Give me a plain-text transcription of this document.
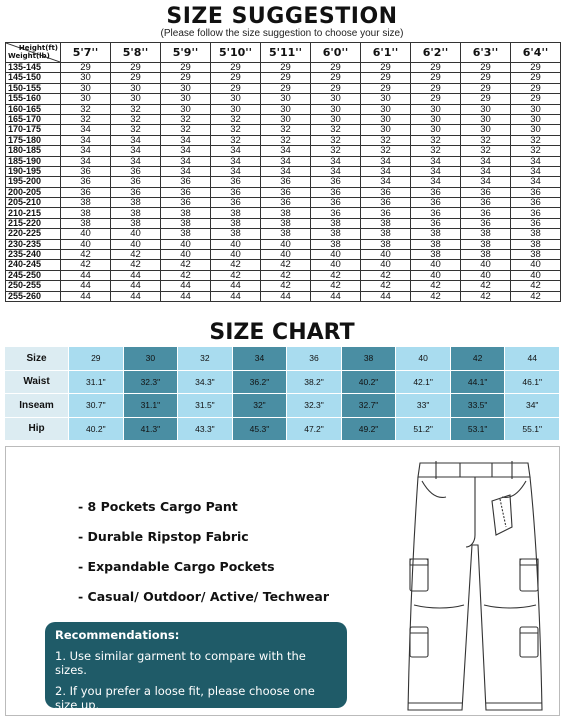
SIZE SUGGESTION
(Please follow the size suggestion to choose your size)
Height(ft)
Weight(lb)	5'7''	5'8''	5'9''	5'10''	5'11''	6'0''	6'1''	6'2''	6'3''	6'4''
135-145	29	29	29	29	29	29	29	29	29	29
145-150	30	29	29	29	29	29	29	29	29	29
150-155	30	30	30	29	29	29	29	29	29	29
155-160	30	30	30	30	30	30	30	29	29	29
160-165	32	32	30	30	30	30	30	30	30	30
165-170	32	32	32	32	30	30	30	30	30	30
170-175	34	32	32	32	32	32	30	30	30	30
175-180	34	34	34	32	32	32	32	32	32	32
180-185	34	34	34	34	34	32	32	32	32	32
185-190	34	34	34	34	34	34	34	34	34	34
190-195	36	36	34	34	34	34	34	34	34	34
195-200	36	36	36	36	36	36	34	34	34	34
200-205	36	36	36	36	36	36	36	36	36	36
205-210	38	38	36	36	36	36	36	36	36	36
210-215	38	38	38	38	38	36	36	36	36	36
215-220	38	38	38	38	38	38	38	36	36	36
220-225	40	40	38	38	38	38	38	38	38	38
230-235	40	40	40	40	40	38	38	38	38	38
235-240	42	42	40	40	40	40	40	38	38	38
240-245	42	42	42	42	42	40	40	40	40	40
245-250	44	44	42	42	42	42	42	40	40	40
250-255	44	44	44	44	42	42	42	42	42	42
255-260	44	44	44	44	44	44	44	42	42	42
SIZE CHART
Size	29	30	32	34	36	38	40	42	44
Waist	31.1"	32.3"	34.3"	36.2"	38.2"	40.2"	42.1"	44.1"	46.1"
Inseam	30.7"	31.1"	31.5"	32"	32.3"	32.7"	33"	33.5"	34"
Hip	40.2"	41.3"	43.3"	45.3"	47.2"	49.2"	51.2"	53.1"	55.1"
- 8 Pockets Cargo Pant
- Durable Ripstop Fabric
- Expandable Cargo Pockets
- Casual/ Outdoor/ Active/ Techwear
Recommendations:
1. Use similar garment to compare with the sizes.
2. If you prefer a loose fit, please choose one size up.
